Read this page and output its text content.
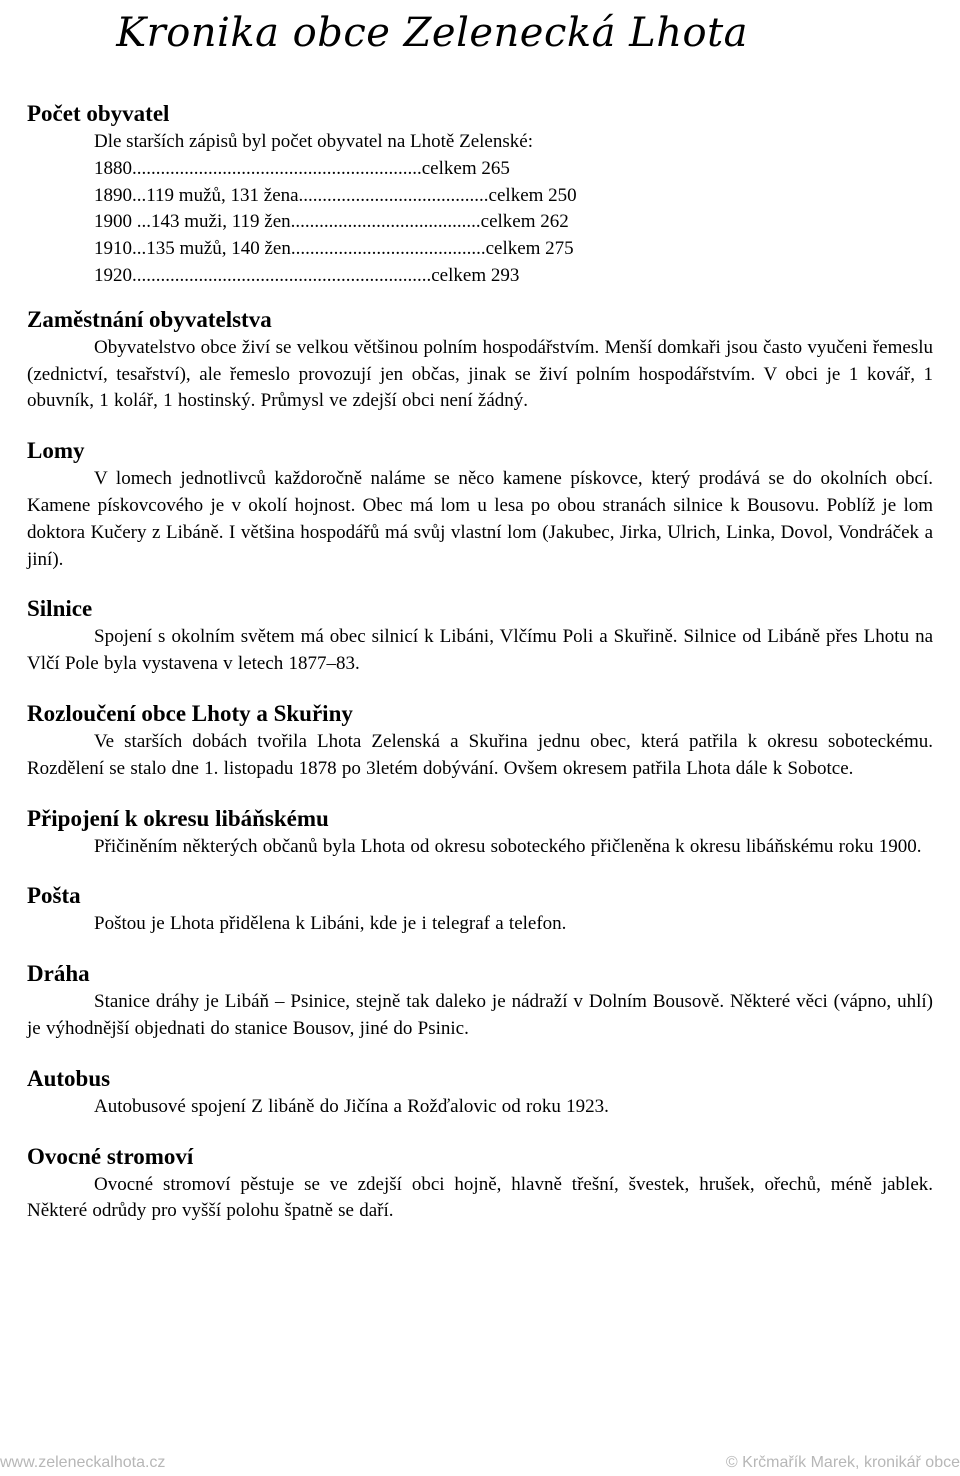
Kronika obce Zelenecká Lhota
Počet obyvatel

Dle starších zápisů byl počet obyvatel na Lhotě Zelenské:

1880.............................................................celkem 265

1890...119 mužů, 131 žena........................................celkem 250

1900 ...143 muži, 119 žen........................................celkem 262

1910...135 mužů, 140 žen.........................................celkem 275

1920...............................................................celkem 293

Zaměstnání obyvatelstva

Obyvatelstvo obce živí se velkou většinou polním hospodářstvím. Menší domkaři jsou často vyučeni řemeslu (zednictví, tesařství), ale řemeslo provozují jen občas, jinak se živí polním hospodářstvím. V obci je 1 kovář, 1 obuvník, 1 kolář, 1 hostinský. Průmysl ve zdejší obci není žádný.

Lomy

V lomech jednotlivců každoročně naláme se něco kamene pískovce, který prodává se do okolních obcí. Kamene pískovcového je v okolí hojnost. Obec má lom u lesa po obou stranách silnice k Bousovu. Poblíž je lom doktora Kučery z Libáně. I většina hospodářů má svůj vlastní lom (Jakubec, Jirka, Ulrich, Linka, Dovol, Vondráček a jiní).

Silnice

Spojení s okolním světem má obec silnicí k Libáni, Vlčímu Poli a Skuřině. Silnice od Libáně přes Lhotu na Vlčí Pole byla vystavena v letech 1877–83.

Rozloučení obce Lhoty a Skuřiny

Ve starších dobách tvořila Lhota Zelenská a Skuřina jednu obec, která patřila k okresu soboteckému. Rozdělení se stalo dne 1. listopadu 1878 po 3letém dobývání. Ovšem okresem patřila Lhota dále k Sobotce.

Připojení k okresu libáňskému

Přičiněním některých občanů byla Lhota od okresu soboteckého přičleněna k okresu libáňskému roku 1900.

Pošta

Poštou je Lhota přidělena k Libáni, kde je i telegraf a telefon.

Dráha

Stanice dráhy je Libáň – Psinice, stejně tak daleko je nádraží v Dolním Bousově. Některé věci (vápno, uhlí) je výhodnější objednati do stanice Bousov, jiné do Psinic.

Autobus

Autobusové spojení Z libáně do Jičína a Rožďalovic od roku 1923.

Ovocné stromoví

Ovocné stromoví pěstuje se ve zdejší obci hojně, hlavně třešní, švestek, hrušek, ořechů, méně jablek. Některé odrůdy pro vyšší polohu špatně se daří.

www.zeleneckalhota.cz	© Krčmařík Marek, kronikář obce
